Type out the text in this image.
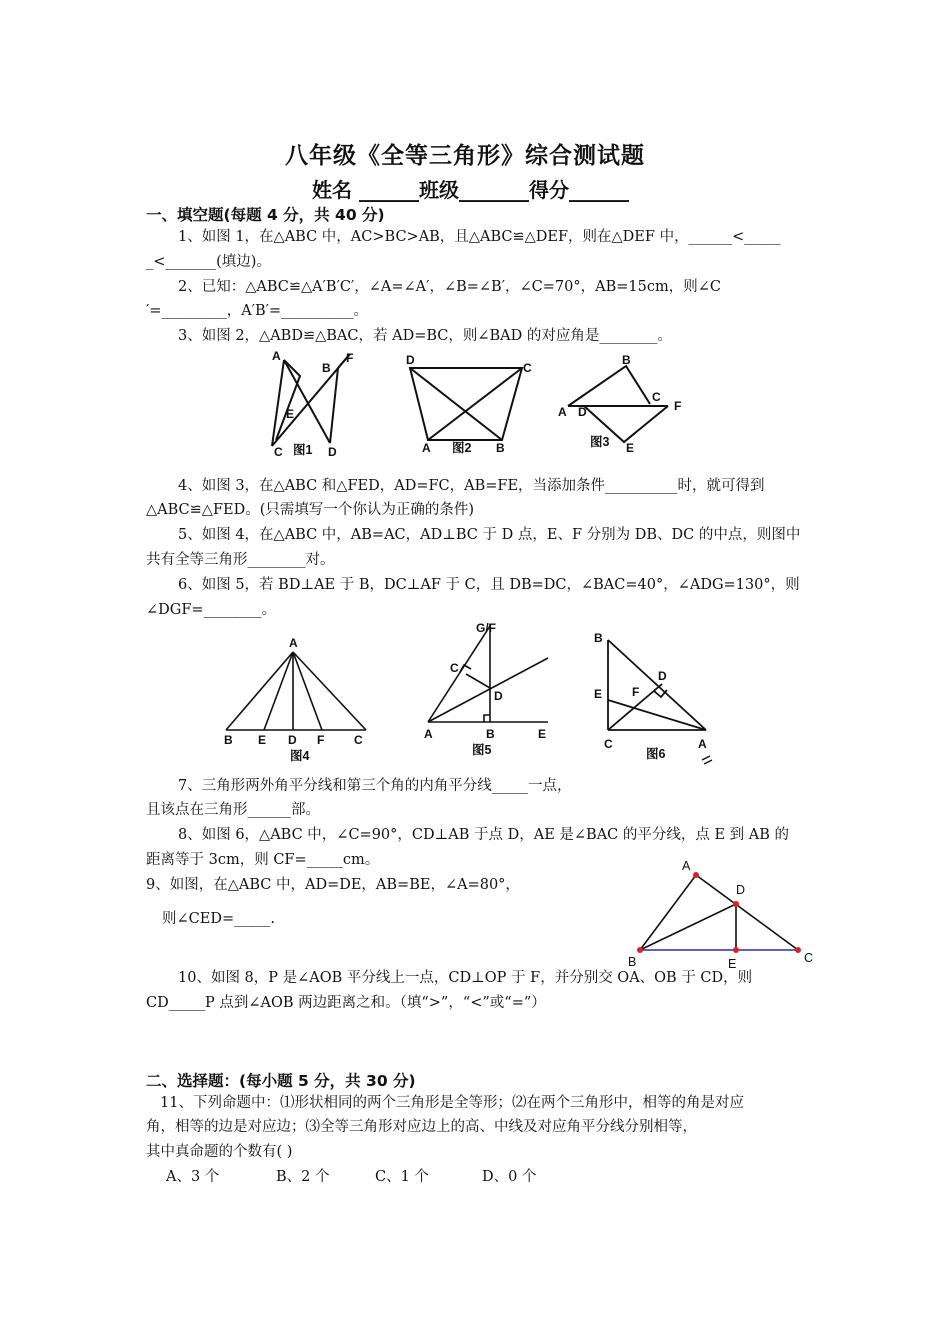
八年级《全等三角形》综合测试题
姓名 ______班级_______得分______
一、填空题(每题 4 分，共 40 分)
1、如图 1，在△ABC 中，AC>BC>AB，且△ABC≌△DEF，则在△DEF 中，______<_____
_<_______(填边)。
2、已知：△ABC≌△A′B′C′，∠A=∠A′，∠B=∠B′，∠C=70°，AB=15cm，则∠C
′=_________，A′B′=__________。
3、如图 2，△ABD≌△BAC，若 AD=BC，则∠BAD 的对应角是________。
A
B
F
E
C	D
图1
D
C
A	B
图2
B
C
F
A D
E
图3
4、如图 3，在△ABC 和△FED，AD=FC，AB=FE，当添加条件__________时，就可得到
△ABC≌△FED。(只需填写一个你认为正确的条件)
5、如图 4，在△ABC 中，AB=AC，AD⊥BC 于 D 点，E、F 分别为 DB、DC 的中点，则图中
共有全等三角形________对。
6、如图 5，若 BD⊥AE 于 B，DC⊥AF 于 C，且 DB=DC，∠BAC=40°，∠ADG=130°，则
∠DGF=________。
A
B E D F C
图4
G/F
C
D
A	B	E
图5
B
D
E F
C	A
图6
7、三角形两外角平分线和第三个角的内角平分线_____一点，
且该点在三角形______部。
8、如图 6，△ABC 中，∠C=90°，CD⊥AB 于点 D，AE 是∠BAC 的平分线，点 E 到 AB 的
距离等于 3cm，则 CF=_____cm。
9、如图，在△ABC 中，AD=DE，AB=BE，∠A=80°，
则∠CED=_____.
A
D
B	E	C
10、如图 8，P 是∠AOB 平分线上一点，CD⊥OP 于 F，并分别交 OA、OB 于 CD，则
CD_____P 点到∠AOB 两边距离之和。（填“>”，“<”或“=”）
二、选择题：(每小题 5 分，共 30 分)
11、下列命题中：⑴形状相同的两个三角形是全等形；⑵在两个三角形中，相等的角是对应
角，相等的边是对应边；⑶全等三角形对应边上的高、中线及对应角平分线分别相等，
其中真命题的个数有( )
A、3 个	B、2 个	C、1 个	D、0 个
